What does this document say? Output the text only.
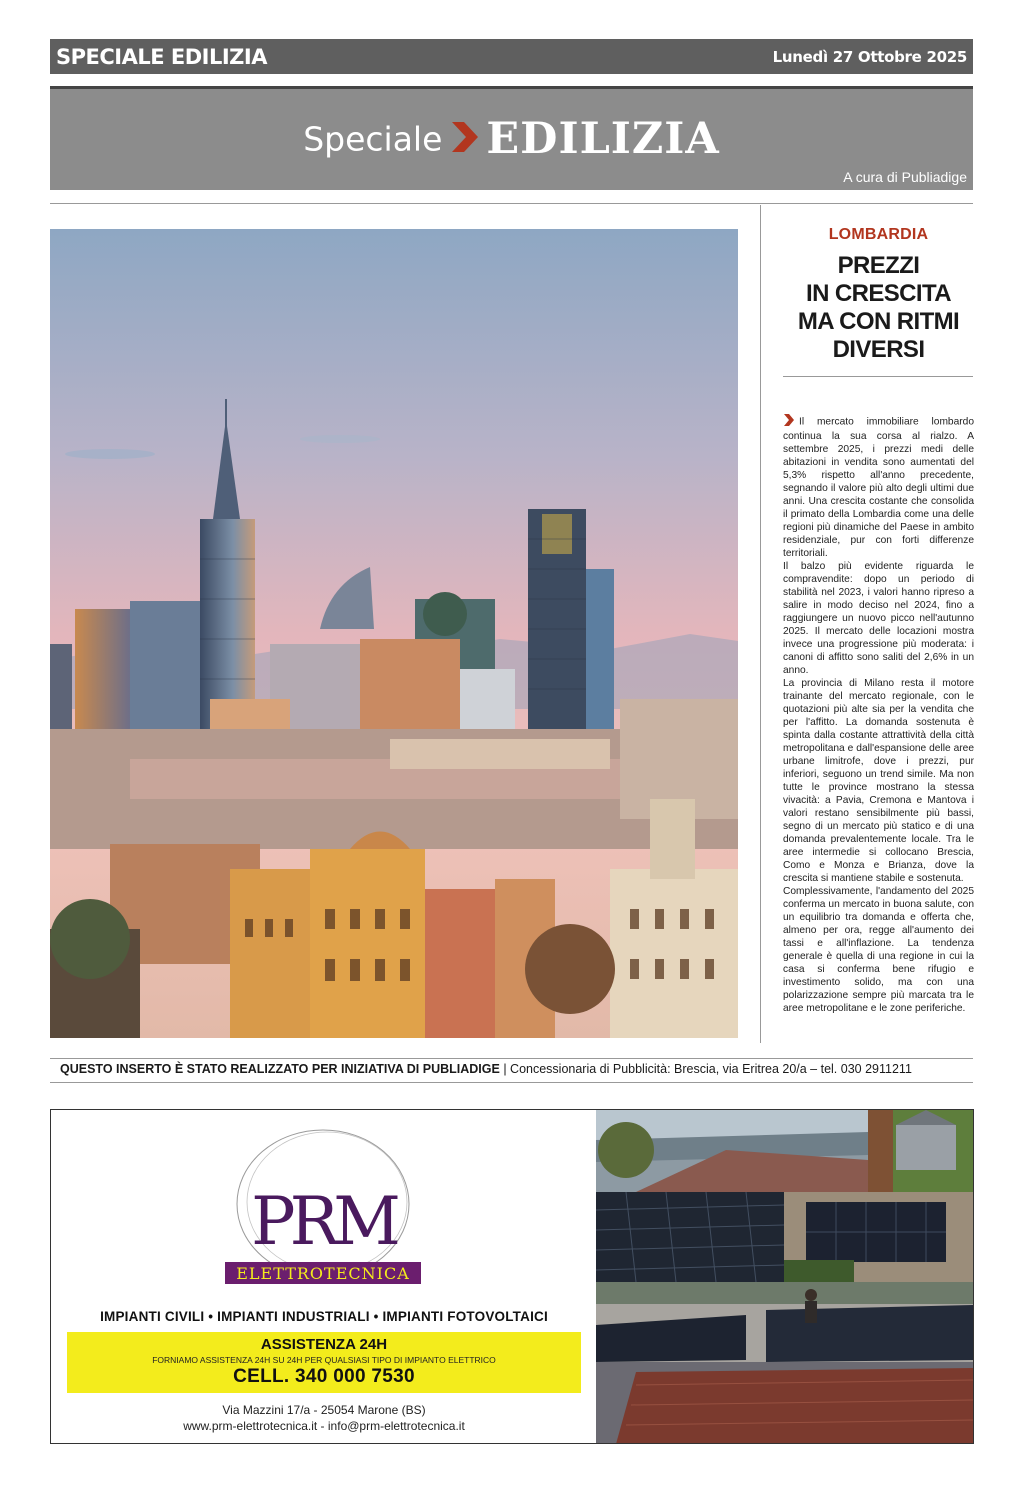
SPECIALE EDILIZIA	Lunedì 27 Ottobre 2025
Speciale EDILIZIA
A cura di Publiadige
LOMBARDIA
PREZZI
IN CRESCITA
MA CON RITMI
DIVERSI

Il mercato immobiliare lombardo continua la sua corsa al rialzo. A settembre 2025, i prezzi medi delle abitazioni in vendita sono aumentati del 5,3% rispetto all'anno precedente, segnando il valore più alto degli ultimi due anni. Una crescita costante che consolida il primato della Lombardia come una delle regioni più dinamiche del Paese in ambito residenziale, pur con forti differenze territoriali.

Il balzo più evidente riguarda le compravendite: dopo un periodo di stabilità nel 2023, i valori hanno ripreso a salire in modo deciso nel 2024, fino a raggiungere un nuovo picco nell'autunno 2025. Il mercato delle locazioni mostra invece una progressione più moderata: i canoni di affitto sono saliti del 2,6% in un anno.

La provincia di Milano resta il motore trainante del mercato regionale, con le quotazioni più alte sia per la vendita che per l'affitto. La domanda sostenuta è spinta dalla costante attrattività della città metropolitana e dall'espansione delle aree urbane limitrofe, dove i prezzi, pur inferiori, seguono un trend simile. Ma non tutte le province mostrano la stessa vivacità: a Pavia, Cremona e Mantova i valori restano sensibilmente più bassi, segno di un mercato più statico e di una domanda prevalentemente locale. Tra le aree intermedie si collocano Brescia, Como e Monza e Brianza, dove la crescita si mantiene stabile e sostenuta.

Complessivamente, l'andamento del 2025 conferma un mercato in buona salute, con un equilibrio tra domanda e offerta che, almeno per ora, regge all'aumento dei tassi e all'inflazione. La tendenza generale è quella di una regione in cui la casa si conferma bene rifugio e investimento solido, ma con una polarizzazione sempre più marcata tra le aree metropolitane e le zone periferiche.

QUESTO INSERTO È STATO REALIZZATO PER INIZIATIVA DI PUBLIADIGE | Concessionaria di Pubblicità: Brescia, via Eritrea 20/a – tel. 030 2911211
PRM
ELETTROTECNICA
IMPIANTI CIVILI • IMPIANTI INDUSTRIALI • IMPIANTI FOTOVOLTAICI
ASSISTENZA 24H
FORNIAMO ASSISTENZA 24H SU 24H PER QUALSIASI TIPO DI IMPIANTO ELETTRICO
CELL. 340 000 7530
Via Mazzini 17/a - 25054 Marone (BS)
www.prm-elettrotecnica.it - info@prm-elettrotecnica.it
